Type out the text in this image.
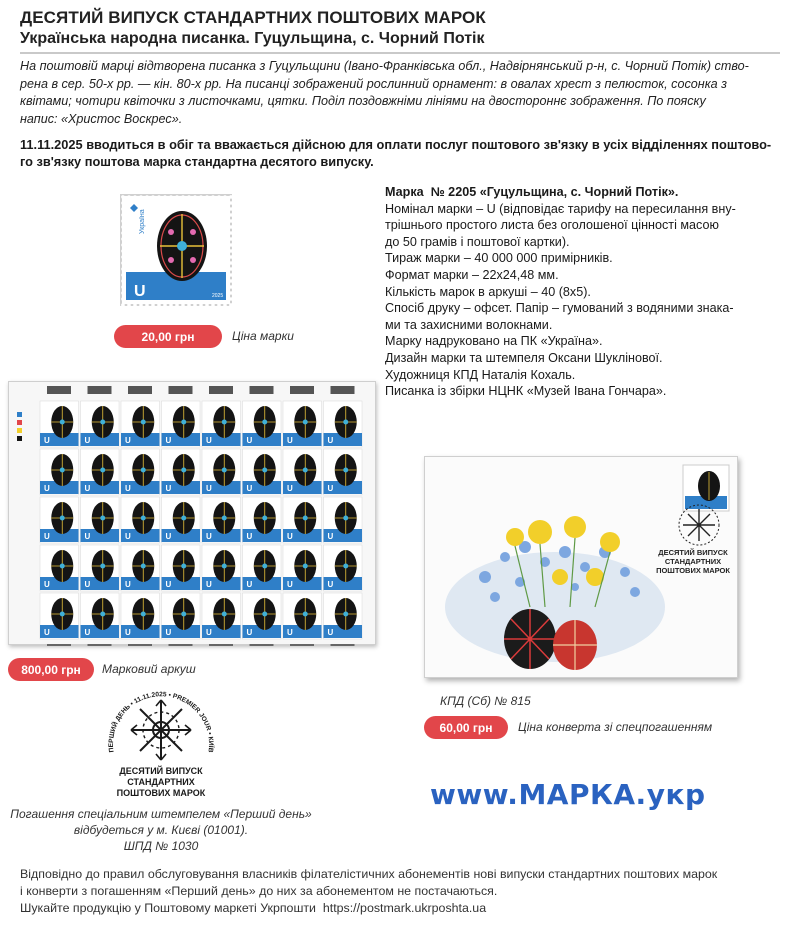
ДЕСЯТИЙ ВИПУСК СТАНДАРТНИХ ПОШТОВИХ МАРОК
Українська народна писанка. Гуцульщина, с. Чорний Потік

На поштовій марці відтворена писанка з Гуцульщини (Івано-Франківська обл., Надвірнянський р-н, с. Чорний Потік) ство-

рена в сер. 50-х рр. — кін. 80-х рр. На писанці зображений рослинний орнамент: в овалах хрест з пелюсток, сосонка з

квітами; чотири квіточки з листочками, цятки. Поділ поздовжніми лініями на двостороннє зображення. По пояску

напис: «Христос Воскрес».

11.11.2025 вводиться в обіг та вважається дійсною для оплати послуг поштового зв'язку в усіх відділеннях поштово-
го зв'язку поштова марка стандартна десятого випуску.
Україна
U	2025
20,00 грн	Ціна марки
Марка  № 2205 «Гуцульщина, с. Чорний Потік».
Номінал марки – U (відповідає тарифу на пересилання вну-
трішнього простого листа без оголошеної цінності масою
до 50 грамів і поштової картки).
Тираж марки – 40 000 000 примірників.
Формат марки – 22х24,48 мм.
Кількість марок в аркуші – 40 (8х5).
Спосіб друку – офсет. Папір – гумований з водяними знака-
ми та захисними волокнами.
Марку надруковано на ПК «Україна».
Дизайн марки та штемпеля Оксани Шуклінової.
Художниця КПД Наталія Кохаль.
Писанка із збірки НЦНК «Музей Івана Гончара».
U	U	U	U	U	U	U	U
U	U	U	U	U	U	U	U
U	U	U	U	U	U	U	U
U	U	U	U	U	U	U	U
U	U	U	U	U	U	U	U
800,00 грн	Марковий аркуш
ДЕСЯТИЙ ВИПУСК
СТАНДАРТНИХ
ПОШТОВИХ МАРОК
КПД (Сб) № 815
60,00 грн	Ціна конверта зі спецпогашенням
ПЕРШИЙ ДЕНЬ • 11.11.2025 • PREMIER JOUR • КИЇВ
ДЕСЯТИЙ ВИПУСК
СТАНДАРТНИХ
ПОШТОВИХ МАРОК
Погашення спеціальним штемпелем «Перший день»
відбудеться у м. Києві (01001).
ШПД № 1030
www.МАРКА.укр
Відповідно до правил обслуговування власників філателістичних абонементів нові випуски стандартних поштових марок
і конверти з погашенням «Перший день» до них за абонементом не постачаються.
Шукайте продукцію у Поштовому маркеті Укрпошти  https://postmark.ukrposhta.ua
